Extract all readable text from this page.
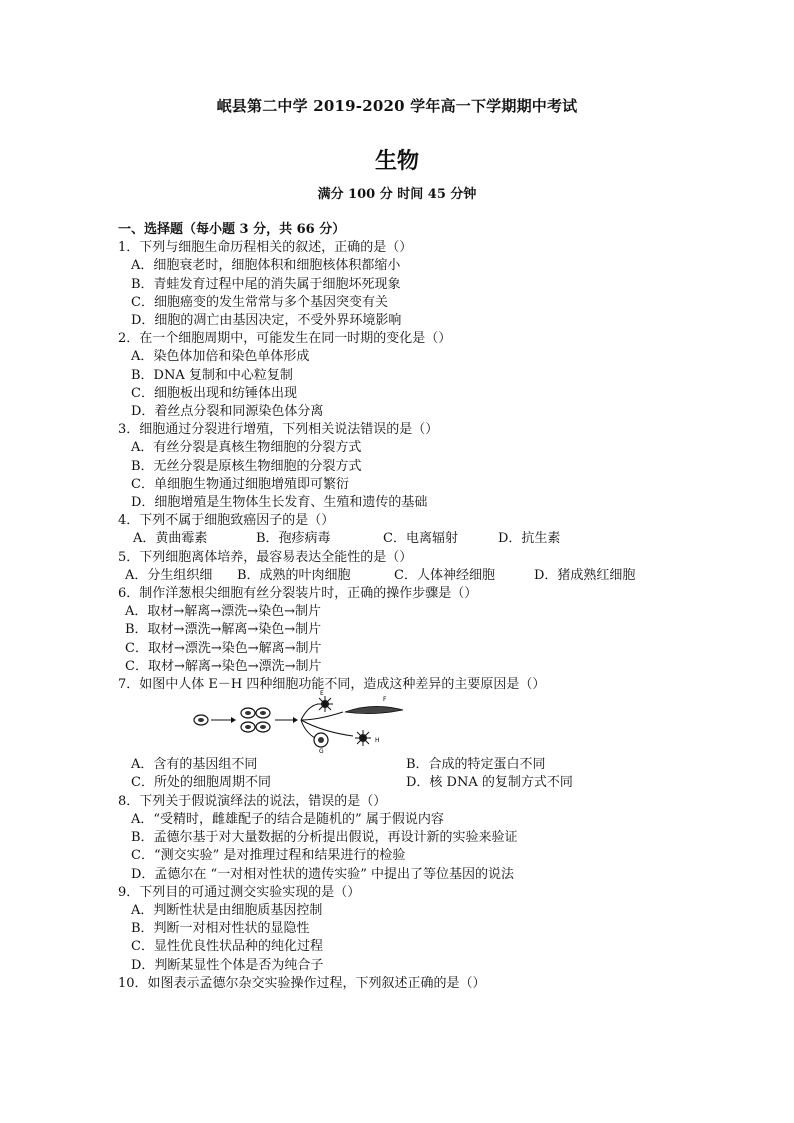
岷县第二中学 2019-2020 学年高一下学期期中考试
生物
满分 100 分 时间 45 分钟
一、选择题（每小题 3 分，共 66 分）
1．下列与细胞生命历程相关的叙述，正确的是（）
A．细胞衰老时，细胞体积和细胞核体积都缩小
B．青蛙发育过程中尾的消失属于细胞坏死现象
C．细胞癌变的发生常常与多个基因突变有关
D．细胞的凋亡由基因决定，不受外界环境影响
2．在一个细胞周期中，可能发生在同一时期的变化是（）
A．染色体加倍和染色单体形成
B．DNA 复制和中心粒复制
C．细胞板出现和纺锤体出现
D．着丝点分裂和同源染色体分离
3．细胞通过分裂进行增殖，下列相关说法错误的是（）
A．有丝分裂是真核生物细胞的分裂方式
B．无丝分裂是原核生物细胞的分裂方式
C．单细胞生物通过细胞增殖即可繁衍
D．细胞增殖是生物体生长发育、生殖和遗传的基础
4．下列不属于细胞致癌因子的是（）
A．黄曲霉素	B．孢疹病毒	C．电离辐射	D．抗生素
5．下列细胞离体培养，最容易表达全能性的是（）
A．分生组织细	B．成熟的叶肉细胞	C．人体神经细胞	D．猪成熟红细胞
6．制作洋葱根尖细胞有丝分裂装片时，正确的操作步骤是（）
A．取材→解离→漂洗→染色→制片
B．取材→漂洗→解离→染色→制片
C．取材→漂洗→染色→解离→制片
C．取材→解离→染色→漂洗→制片
7．如图中人体 E－H 四种细胞功能不同，造成这种差异的主要原因是（）
E
F
G
H
A．含有的基因组不同	B．合成的特定蛋白不同
C．所处的细胞周期不同	D．核 DNA 的复制方式不同
8．下列关于假说演绎法的说法，错误的是（）
A．“受精时，雌雄配子的结合是随机的” 属于假说内容
B．孟德尔基于对大量数据的分析提出假说，再设计新的实验来验证
C．“测交实验” 是对推理过程和结果进行的检验
D．孟德尔在 “一对相对性状的遗传实验” 中提出了等位基因的说法
9．下列目的可通过测交实验实现的是（）
A．判断性状是由细胞质基因控制
B．判断一对相对性状的显隐性
C．显性优良性状品种的纯化过程
D．判断某显性个体是否为纯合子
10．如图表示孟德尔杂交实验操作过程，下列叙述正确的是（）
